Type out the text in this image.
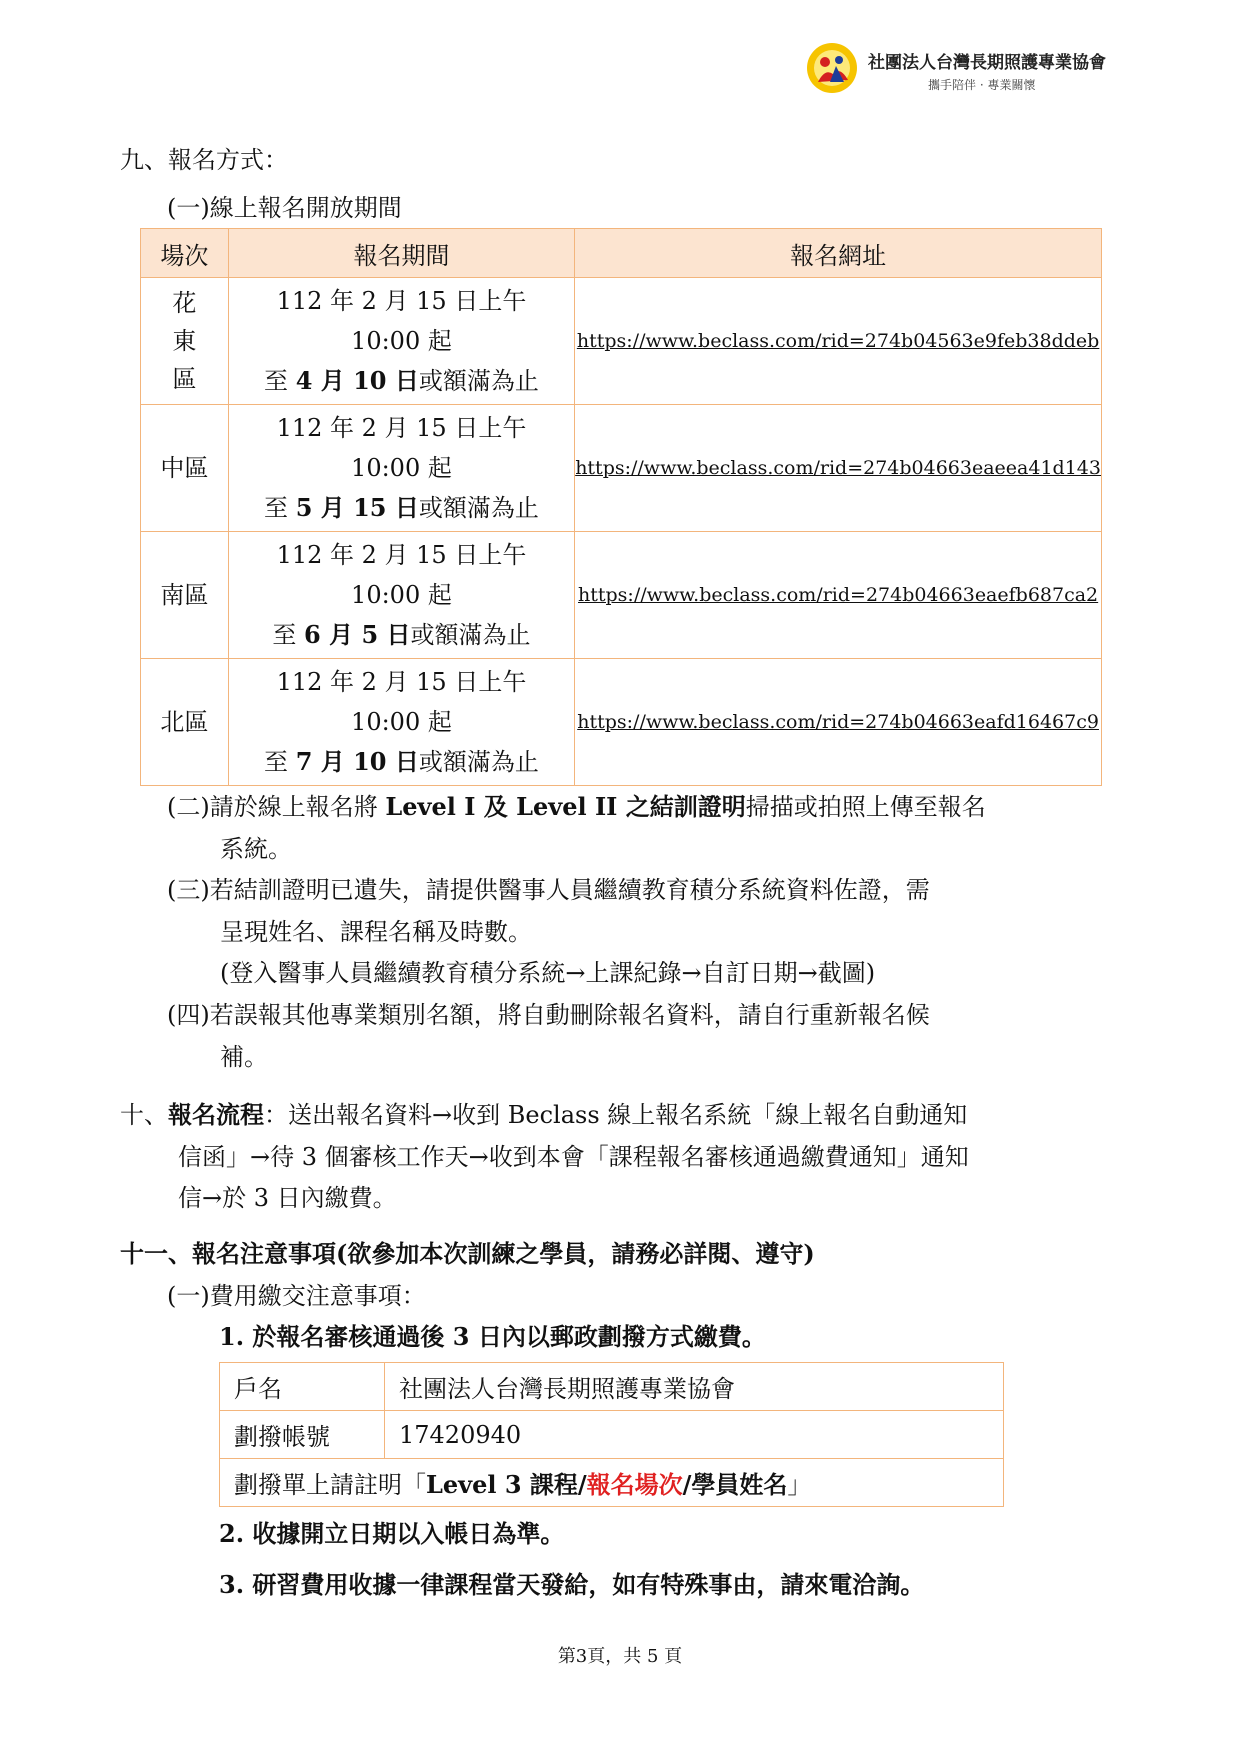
社團法人台灣長期照護專業協會
攜手陪伴 · 專業關懷
九、報名方式：
(一)線上報名開放期間
場次	報名期間	報名網址

花東區	112 年 2 月 15 日上午
10:00 起
至 4 月 10 日或額滿為止	https://www.beclass.com/rid=274b04563e9feb38ddeb
中區	112 年 2 月 15 日上午
10:00 起
至 5 月 15 日或額滿為止	https://www.beclass.com/rid=274b04663eaeea41d143
南區	112 年 2 月 15 日上午
10:00 起
至 6 月 5 日或額滿為止	https://www.beclass.com/rid=274b04663eaefb687ca2
北區	112 年 2 月 15 日上午
10:00 起
至 7 月 10 日或額滿為止	https://www.beclass.com/rid=274b04663eafd16467c9
(二)請於線上報名將 Level I 及 Level II 之結訓證明掃描或拍照上傳至報名
系統。
(三)若結訓證明已遺失，請提供醫事人員繼續教育積分系統資料佐證，需
呈現姓名、課程名稱及時數。
(登入醫事人員繼續教育積分系統→上課紀錄→自訂日期→截圖)
(四)若誤報其他專業類別名額，將自動刪除報名資料，請自行重新報名候
補。
十、報名流程：送出報名資料→收到 Beclass 線上報名系統「線上報名自動通知
信函」→待 3 個審核工作天→收到本會「課程報名審核通過繳費通知」通知
信→於 3 日內繳費。
十一、報名注意事項(欲參加本次訓練之學員，請務必詳閱、遵守)
(一)費用繳交注意事項：
1. 於報名審核通過後 3 日內以郵政劃撥方式繳費。
戶名	社團法人台灣長期照護專業協會
劃撥帳號	17420940
劃撥單上請註明「Level 3 課程/報名場次/學員姓名」	
2. 收據開立日期以入帳日為準。
3. 研習費用收據一律課程當天發給，如有特殊事由，請來電洽詢。
第3頁，共 5 頁
